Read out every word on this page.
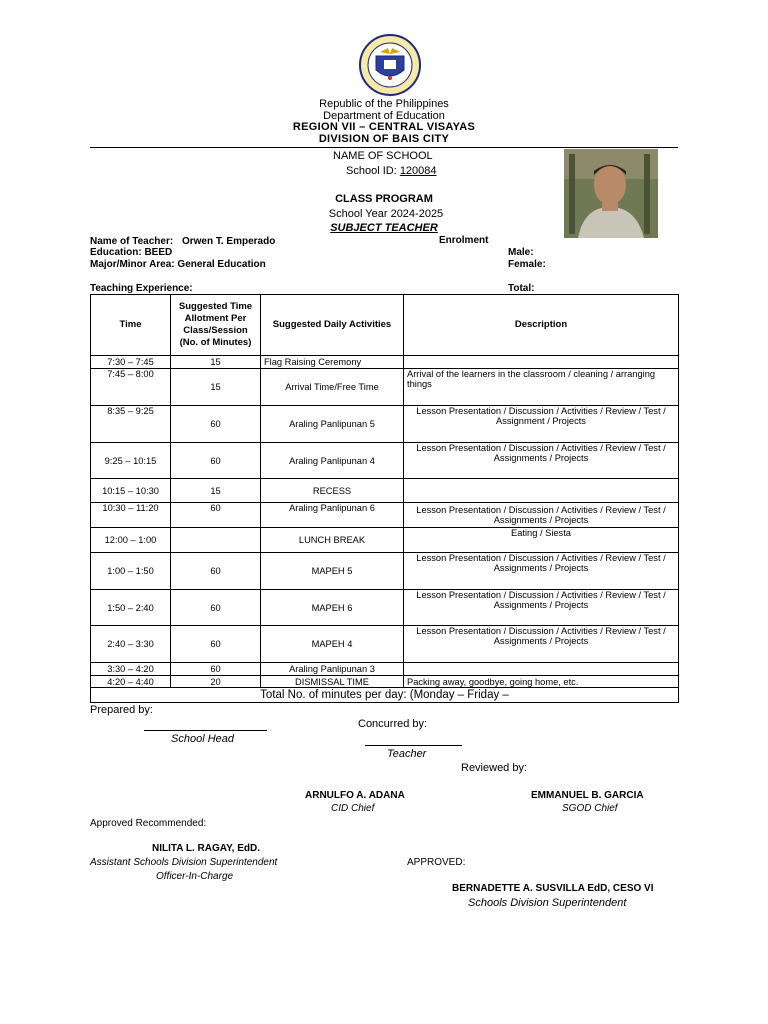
Republic of the Philippines
Department of Education
REGION VII – CENTRAL VISAYAS
DIVISION OF BAIS CITY
NAME OF SCHOOL
School ID: 120084
CLASS PROGRAM
School Year 2024-2025
SUBJECT TEACHER
Name of Teacher: Orwen T. Emperado
Education: BEED
Major/Minor Area: General Education
Teaching Experience:
Enrolment
Male:
Female:
Total:
Time	Suggested Time Allotment Per Class/Session (No. of Minutes)	Suggested Daily Activities	Description
7:30 – 7:45	15	Flag Raising Ceremony	
7:45 – 8:00	15	Arrival Time/Free Time	Arrival of the learners in the classroom / cleaning / arranging things
8:35 – 9:25	60	Araling Panlipunan 5	Lesson Presentation / Discussion / Activities / Review / Test / Assignment / Projects
9:25 – 10:15	60	Araling Panlipunan 4	Lesson Presentation / Discussion / Activities / Review / Test / Assignments / Projects
10:15 – 10:30	15	RECESS	
10:30 – 11:20	60	Araling Panlipunan 6	Lesson Presentation / Discussion / Activities / Review / Test / Assignments / Projects
12:00 – 1:00		LUNCH BREAK	Eating / Siesta
1:00 – 1:50	60	MAPEH 5	Lesson Presentation / Discussion / Activities / Review / Test / Assignments / Projects
1:50 – 2:40	60	MAPEH 6	Lesson Presentation / Discussion / Activities / Review / Test / Assignments / Projects
2:40 – 3:30	60	MAPEH 4	Lesson Presentation / Discussion / Activities / Review / Test / Assignments / Projects
3:30 – 4:20	60	Araling Panlipunan 3	
4:20 – 4:40	20	DISMISSAL TIME	Packing away, goodbye, going home, etc.
Total No. of minutes per day: (Monday – Friday –			
Prepared by:
School Head
Concurred by:
Teacher
Reviewed by:
ARNULFO A. ADANA
CID Chief
EMMANUEL B. GARCIA
SGOD Chief
Approved Recommended:
NILITA L. RAGAY, EdD.
Assistant Schools Division Superintendent
Officer-In-Charge
APPROVED:
BERNADETTE A. SUSVILLA EdD, CESO VI
Schools Division Superintendent
